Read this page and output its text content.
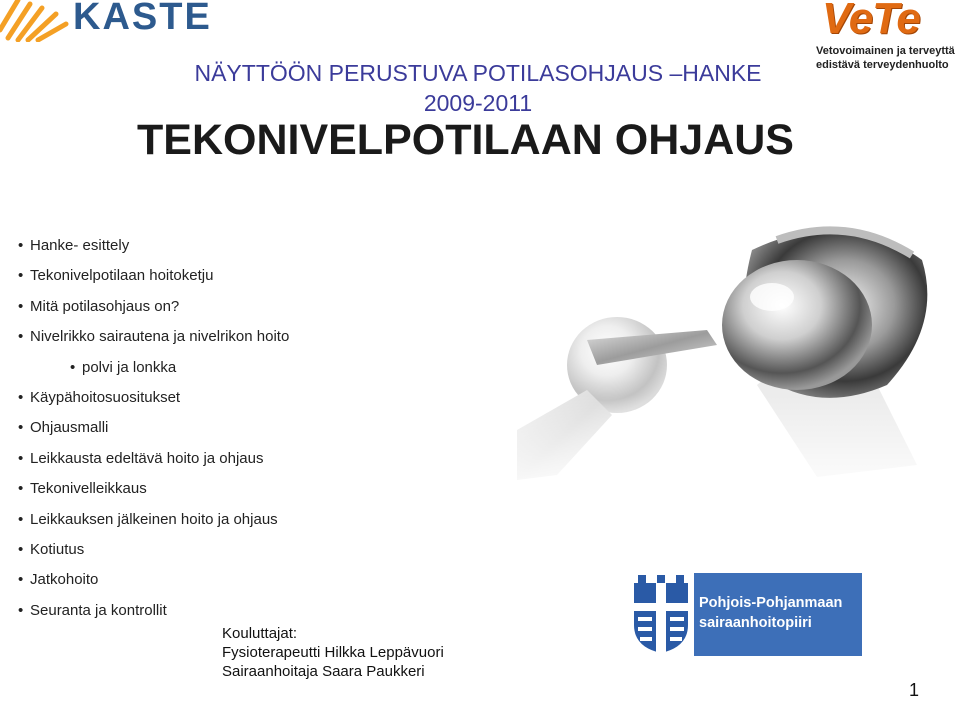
KASTE	VeTe
Vetovoimainen ja terveyttä
edistävä terveydenhuolto
NÄYTTÖÖN PERUSTUVA POTILASOHJAUS –HANKE
2009-2011
TEKONIVELPOTILAAN OHJAUS
• Hanke- esittely
• Tekonivelpotilaan hoitoketju
• Mitä potilasohjaus on?
• Nivelrikko sairautena ja nivelrikon hoito
• polvi ja lonkka
• Käypähoitosuositukset
• Ohjausmalli
• Leikkausta edeltävä hoito ja ohjaus
• Tekonivelleikkaus
• Leikkauksen jälkeinen hoito ja ohjaus
• Kotiutus
• Jatkohoito
• Seuranta ja kontrollit	Pohjois-Pohjanmaan
sairaanhoitopiiri
Kouluttajat:
Fysioterapeutti Hilkka Leppävuori
Sairaanhoitaja Saara Paukkeri
1
